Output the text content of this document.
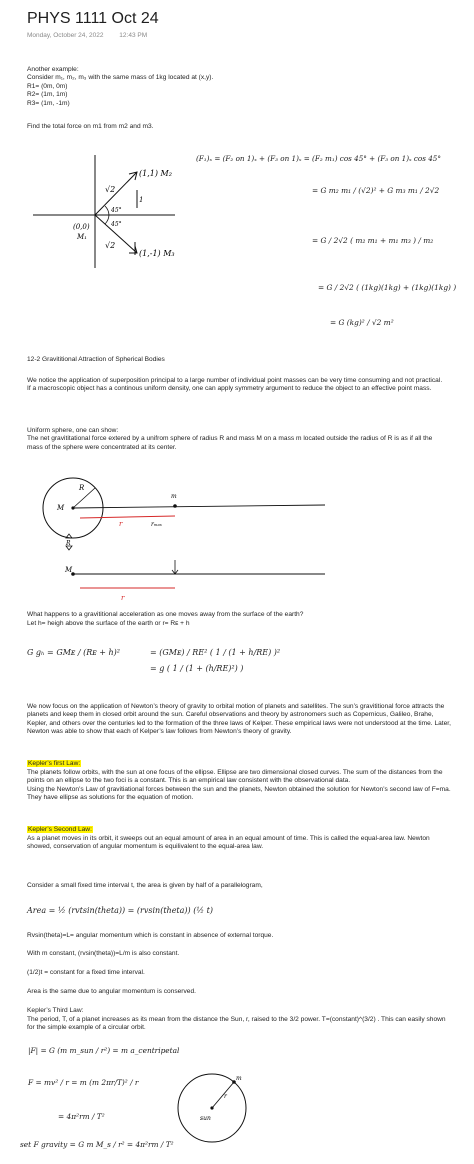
PHYS 1111 Oct 24
Monday, October 24, 2022 12:43 PM
Another example:
Consider m₁, m₂, m₃ with the same mass of 1kg located at (x,y).
R1= (0m, 0m)
R2= (1m, 1m)
R3= (1m, -1m)
Find the total force on m1 from m2 and m3.
(1,1) M₂
(1,-1) M₃
(0,0)
M₁
√2
√2
45°
45°
1
(F₁)ₓ = (F₂ on 1)ₓ + (F₃ on 1)ₓ = (F₂ m₁) cos 45° + (F₃ on 1)ₓ cos 45°
= G m₂ m₁ / (√2)² + G m₃ m₁ / 2√2
= G / 2√2 ( m₂ m₁ + m₁ m₃ ) / m₂
= G / 2√2 ( (1kg)(1kg) + (1kg)(1kg) )
= G (kg)² / √2 m²
12-2 Gravititional Attraction of Spherical Bodies
We notice the application of superposition principal to a large number of individual point masses can be very time consuming and not practical.
If a macroscopic object has a continous uniform density, one can apply symmetry argument to reduce the object to an effective point mass.
Uniform sphere, one can show:
The net gravititational force extered by a unifrom sphere of radius R and mass M on a mass m located outside the radius of R is as if all the mass of the sphere were concentrated at its center.
R
M
m
r	rₘₐₓ
R
M
r
What happens to a gravititional acceleration as one moves away from the surface of the earth?
Let h= heigh above the surface of the earth or r= Rᴇ + h
G gₕ = GMᴇ / (Rᴇ + h)²	= (GMᴇ) / RE² ( 1 / (1 + h/RE) )²
= g ( 1 / (1 + (h/RE)²) )
We now focus on the application of Newton’s theory of gravity to orbital motion of planets and satellites. The sun’s gravititional force attracts the planets and keep them in closed orbit around the sun. Careful observations and theory by astronomers such as Copernicus, Galileo, Brahe, Kepler, and others over the centuries led to the formation of the three laws of Kelper. These empirical laws were not understood at the time. Later, Newton was able to show that each of Kelper’s law follows from Newton’s theory of gravity.
Kepler’s first Law:
The planets follow orbits, with the sun at one focus of the ellipse. Ellipse are two dimensional closed curves. The sum of the distances from the points on an ellipse to the two foci is a constant. This is an empirical law consistent with the observational data.
Using the Newton’s Law of gravitiational forces between the sun and the planets, Newton obtained the solution for Newton’s second law of F=ma. They have ellipse as solutions for the equation of motion.
Kepler’s Second Law:
As a planet moves in its orbit, it sweeps out an equal amount of area in an equal amount of time. This is called the equal-area law. Newton showed, conservation of angular momentum is equilivalent to the equal-area law.
Consider a small fixed time interval t, the area is given by half of a parallelogram,
Area = ½ (rvtsin(theta)) = (rvsin(theta)) (½ t)
Rvsin(theta)=L= angular momentum which is constant in absence of external torque.
With m constant, (rvsin(theta))=L/m is also constant.
(1/2)t = constant for a fixed time interval.
Area is the same due to angular momentum is conserved.
Kepler’s Third Law:
The period, T, of a planet increases as its mean from the distance the Sun, r, raised to the 3/2 power. T=(constant)^(3/2) . This can easily shown for the simple example of a circular orbit.
|F| = G (m m_sun / r²) = m a_centripetal
F = mv² / r = m (m 2πr/T)² / r
= 4π²rm / T²
set F gravity = G m M_s / r² = 4π²rm / T²
m
r
sun
